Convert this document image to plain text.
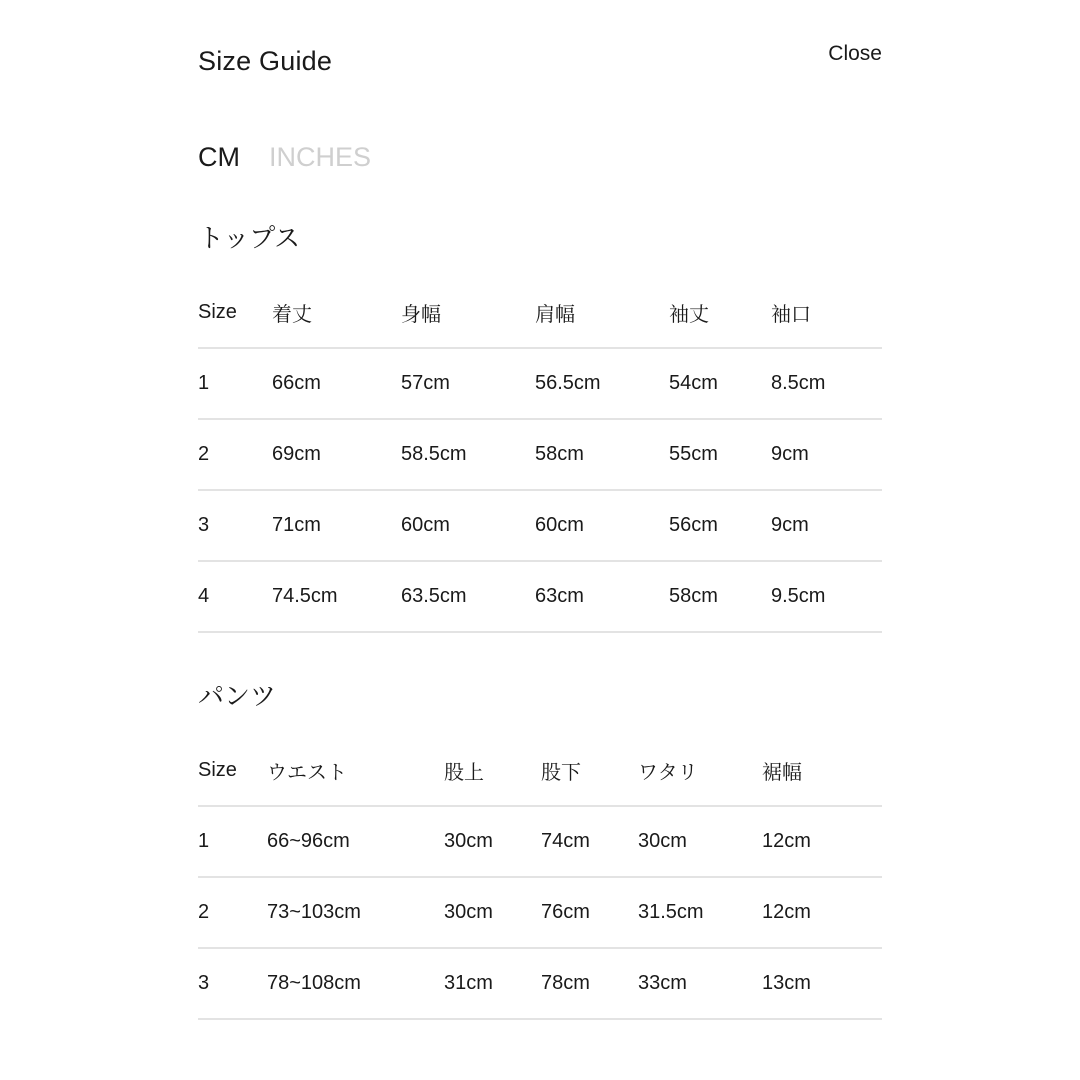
Size Guide	Close
CM INCHES
トップス
Size	着丈	身幅	肩幅	袖丈	袖口
1	66cm	57cm	56.5cm	54cm	8.5cm
2	69cm	58.5cm	58cm	55cm	9cm
3	71cm	60cm	60cm	56cm	9cm
4	74.5cm	63.5cm	63cm	58cm	9.5cm
パンツ
Size	ウエスト	股上	股下	ワタリ	裾幅
1	66~96cm	30cm	74cm	30cm	12cm
2	73~103cm	30cm	76cm	31.5cm	12cm
3	78~108cm	31cm	78cm	33cm	13cm
